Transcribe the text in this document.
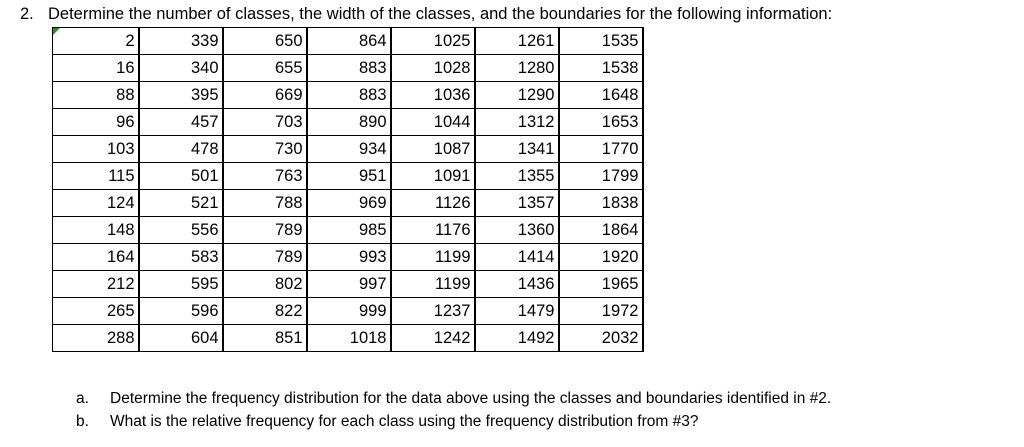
2. Determine the number of classes, the width of the classes, and the boundaries for the following information:
2	339	650	864	1025	1261	1535
16	340	655	883	1028	1280	1538
88	395	669	883	1036	1290	1648
96	457	703	890	1044	1312	1653
103	478	730	934	1087	1341	1770
115	501	763	951	1091	1355	1799
124	521	788	969	1126	1357	1838
148	556	789	985	1176	1360	1864
164	583	789	993	1199	1414	1920
212	595	802	997	1199	1436	1965
265	596	822	999	1237	1479	1972
288	604	851	1018	1242	1492	2032
a. Determine the frequency distribution for the data above using the classes and boundaries identified in #2.
b. What is the relative frequency for each class using the frequency distribution from #3?
